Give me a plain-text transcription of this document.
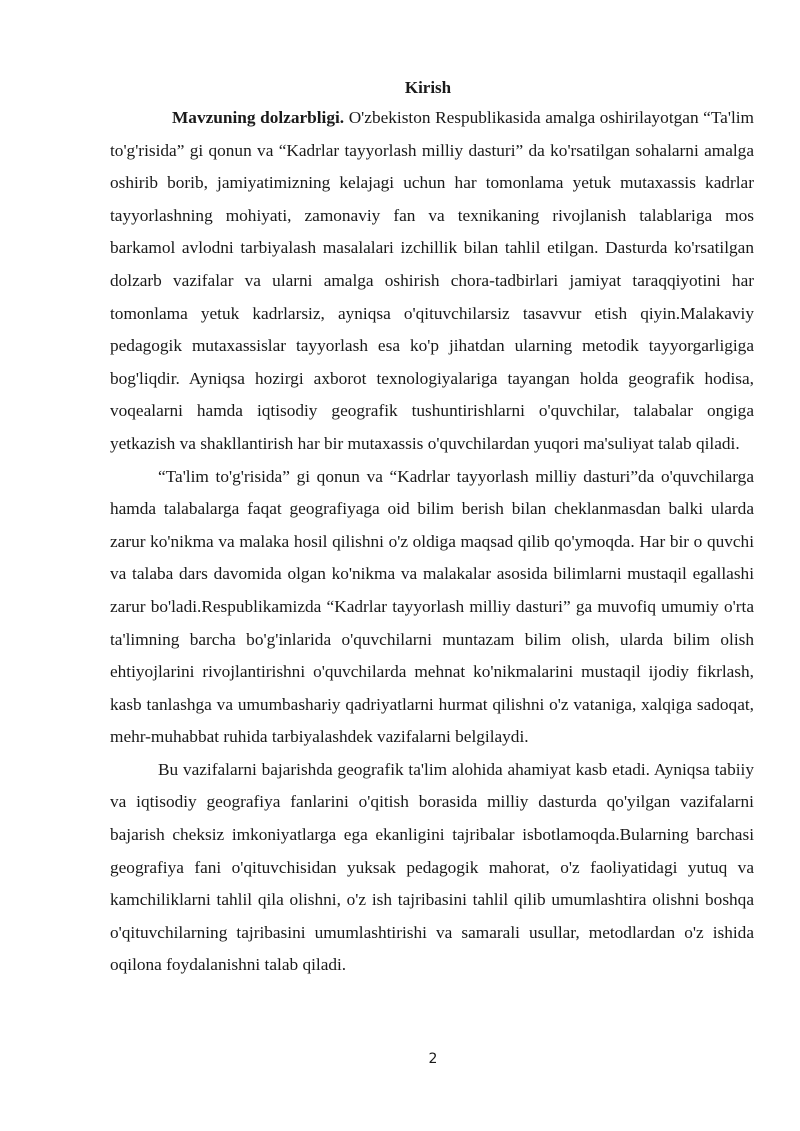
Kirish

Mavzuning dolzarbligi. O'zbekiston Respublikasida amalga oshirilayotgan “Ta'lim to'g'risida” gi qonun va “Kadrlar tayyorlash milliy dasturi” da ko'rsatilgan sohalarni amalga oshirib borib, jamiyatimizning kelajagi uchun har tomonlama yetuk mutaxassis kadrlar tayyorlashning mohiyati, zamonaviy fan va texnikaning rivojlanish talablariga mos barkamol avlodni tarbiyalash masalalari izchillik bilan tahlil etilgan. Dasturda ko'rsatilgan dolzarb vazifalar va ularni amalga oshirish chora-tadbirlari jamiyat taraqqiyotini har tomonlama yetuk kadrlarsiz, ayniqsa o'qituvchilarsiz tasavvur etish qiyin.Malakaviy pedagogik mutaxassislar tayyorlash esa ko'p jihatdan ularning metodik tayyorgarligiga bog'liqdir. Ayniqsa hozirgi axborot texnologiyalariga tayangan holda geografik hodisa, voqealarni hamda iqtisodiy geografik tushuntirishlarni o'quvchilar, talabalar ongiga yetkazish va shakllantirish har bir mutaxassis o'quvchilardan yuqori ma'suliyat talab qiladi.

“Ta'lim to'g'risida” gi qonun va “Kadrlar tayyorlash milliy dasturi”da o'quvchilarga hamda talabalarga faqat geografiyaga oid bilim berish bilan cheklanmasdan balki ularda zarur ko'nikma va malaka hosil qilishni o'z oldiga maqsad qilib qo'ymoqda. Har bir o quvchi va talaba dars davomida olgan ko'nikma va malakalar asosida bilimlarni mustaqil egallashi zarur bo'ladi.Respublikamizda “Kadrlar tayyorlash milliy dasturi” ga muvofiq umumiy o'rta ta'limning barcha bo'g'inlarida o'quvchilarni muntazam bilim olish, ularda bilim olish ehtiyojlarini rivojlantirishni o'quvchilarda mehnat ko'nikmalarini mustaqil ijodiy fikrlash, kasb tanlashga va umumbashariy qadriyatlarni hurmat qilishni o'z vataniga, xalqiga sadoqat, mehr-muhabbat ruhida tarbiyalashdek vazifalarni belgilaydi.

Bu vazifalarni bajarishda geografik ta'lim alohida ahamiyat kasb etadi. Ayniqsa tabiiy va iqtisodiy geografiya fanlarini o'qitish borasida milliy dasturda qo'yilgan vazifalarni bajarish cheksiz imkoniyatlarga ega ekanligini tajribalar isbotlamoqda.Bularning barchasi geografiya fani o'qituvchisidan yuksak pedagogik mahorat, o'z faoliyatidagi yutuq va kamchiliklarni tahlil qila olishni, o'z ish tajribasini tahlil qilib umumlashtira olishni boshqa o'qituvchilarning tajribasini umumlashtirishi va samarali usullar, metodlardan o'z ishida oqilona foydalanishni talab qiladi.

2
